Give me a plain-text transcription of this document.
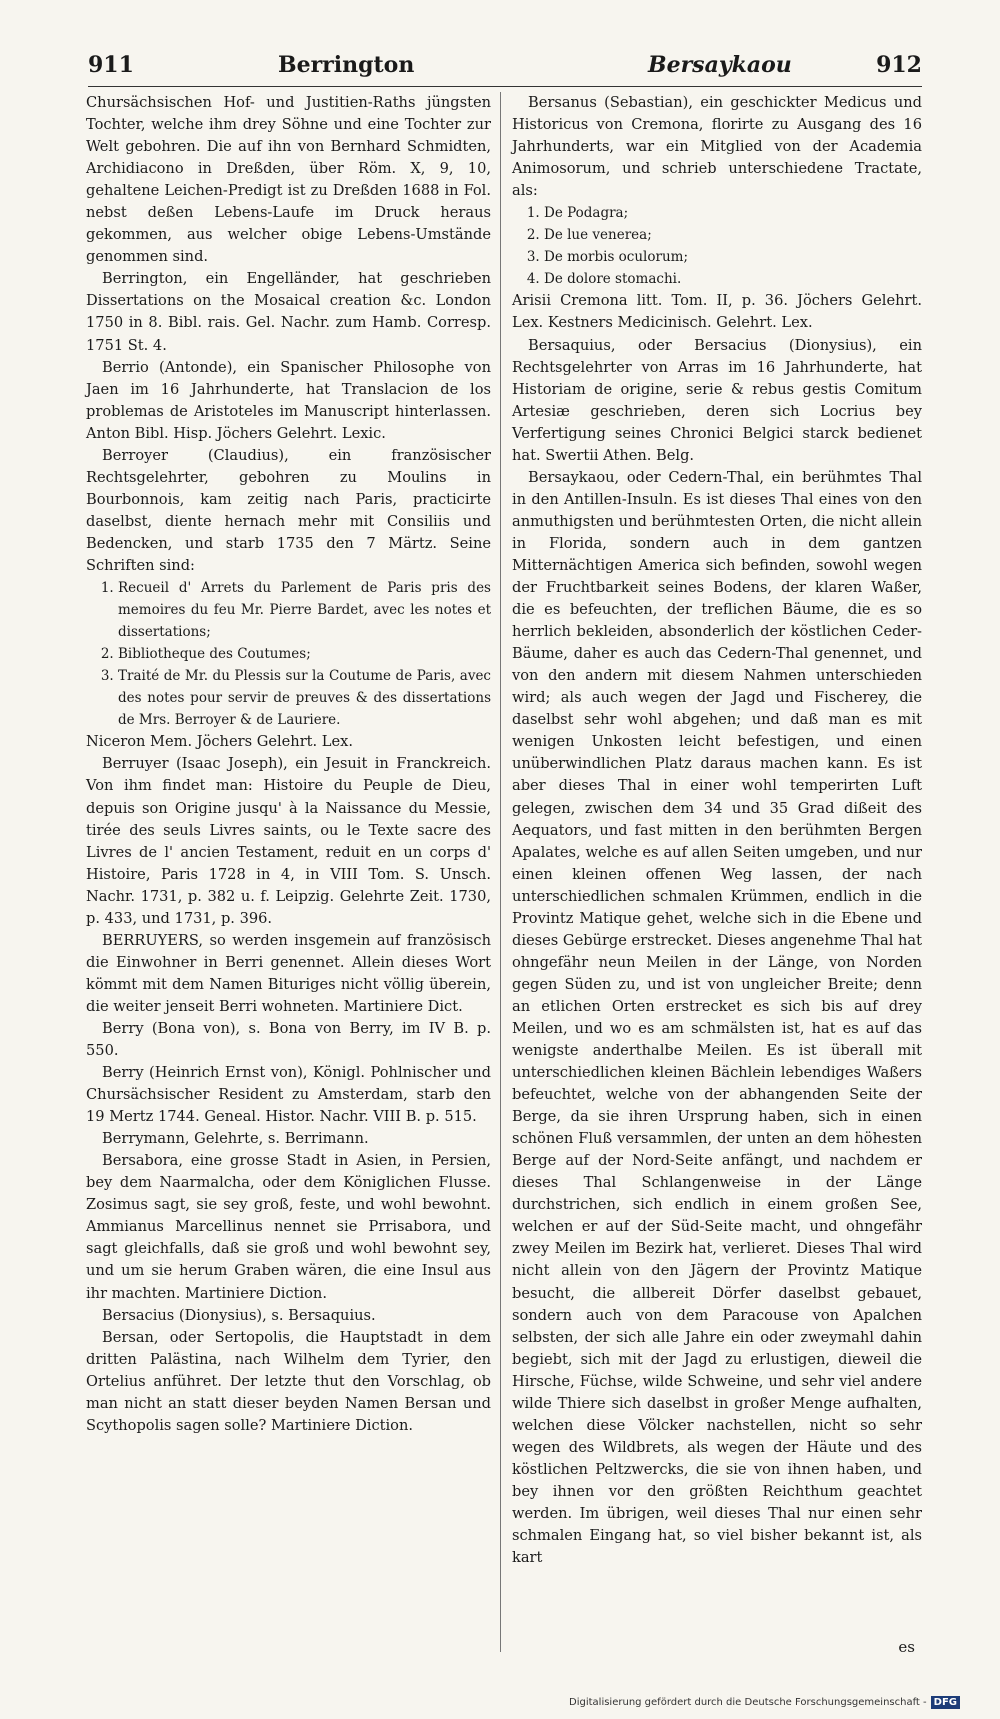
911	Berrington	Bersaykaou	912

Chursächsischen Hof- und Justitien-Raths jüngsten Tochter, welche ihm drey Söhne und eine Tochter zur Welt gebohren. Die auf ihn von Bernhard Schmidten, Archidiacono in Dreßden, über Röm. X, 9, 10, gehaltene Leichen-Predigt ist zu Dreßden 1688 in Fol. nebst deßen Lebens-Laufe im Druck heraus gekommen, aus welcher obige Lebens-Umstände genommen sind.

Berrington, ein Engelländer, hat geschrieben Dissertations on the Mosaical creation &c. London 1750 in 8. Bibl. rais. Gel. Nachr. zum Hamb. Corresp. 1751 St. 4.

Berrio (Antonde), ein Spanischer Philosophe von Jaen im 16 Jahrhunderte, hat Translacion de los problemas de Aristoteles im Manuscript hinterlassen. Anton Bibl. Hisp. Jöchers Gelehrt. Lexic.

Berroyer (Claudius), ein französischer Rechtsgelehrter, gebohren zu Moulins in Bourbonnois, kam zeitig nach Paris, practicirte daselbst, diente hernach mehr mit Consiliis und Bedencken, und starb 1735 den 7 Märtz. Seine Schriften sind:

1. Recueil d' Arrets du Parlement de Paris pris des memoires du feu Mr. Pierre Bardet, avec les notes et dissertations;
2. Bibliotheque des Coutumes;
3. Traité de Mr. du Plessis sur la Coutume de Paris, avec des notes pour servir de preuves & des dissertations de Mrs. Berroyer & de Lauriere.

Niceron Mem. Jöchers Gelehrt. Lex.

Berruyer (Isaac Joseph), ein Jesuit in Franckreich. Von ihm findet man: Histoire du Peuple de Dieu, depuis son Origine jusqu' à la Naissance du Messie, tirée des seuls Livres saints, ou le Texte sacre des Livres de l' ancien Testament, reduit en un corps d' Histoire, Paris 1728 in 4, in VIII Tom. S. Unsch. Nachr. 1731, p. 382 u. f. Leipzig. Gelehrte Zeit. 1730, p. 433, und 1731, p. 396.

BERRUYERS, so werden insgemein auf französisch die Einwohner in Berri genennet. Allein dieses Wort kömmt mit dem Namen Bituriges nicht völlig überein, die weiter jenseit Berri wohneten. Martiniere Dict.

Berry (Bona von), s. Bona von Berry, im IV B. p. 550.

Berry (Heinrich Ernst von), Königl. Pohlnischer und Chursächsischer Resident zu Amsterdam, starb den 19 Mertz 1744. Geneal. Histor. Nachr. VIII B. p. 515.

Berrymann, Gelehrte, s. Berrimann.

Bersabora, eine grosse Stadt in Asien, in Persien, bey dem Naarmalcha, oder dem Königlichen Flusse. Zosimus sagt, sie sey groß, feste, und wohl bewohnt. Ammianus Marcellinus nennet sie Prrisabora, und sagt gleichfalls, daß sie groß und wohl bewohnt sey, und um sie herum Graben wären, die eine Insul aus ihr machten. Martiniere Diction.

Bersacius (Dionysius), s. Bersaquius.

Bersan, oder Sertopolis, die Hauptstadt in dem dritten Palästina, nach Wilhelm dem Tyrier, den Ortelius anführet. Der letzte thut den Vorschlag, ob man nicht an statt dieser beyden Namen Bersan und Scythopolis sagen solle? Martiniere Diction.

Bersanus (Sebastian), ein geschickter Medicus und Historicus von Cremona, florirte zu Ausgang des 16 Jahrhunderts, war ein Mitglied von der Academia Animosorum, und schrieb unterschiedene Tractate, als:

1. De Podagra;
2. De lue venerea;
3. De morbis oculorum;
4. De dolore stomachi.

Arisii Cremona litt. Tom. II, p. 36. Jöchers Gelehrt. Lex. Kestners Medicinisch. Gelehrt. Lex.

Bersaquius, oder Bersacius (Dionysius), ein Rechtsgelehrter von Arras im 16 Jahrhunderte, hat Historiam de origine, serie & rebus gestis Comitum Artesiæ geschrieben, deren sich Locrius bey Verfertigung seines Chronici Belgici starck bedienet hat. Swertii Athen. Belg.

Bersaykaou, oder Cedern-Thal, ein berühmtes Thal in den Antillen-Insuln. Es ist dieses Thal eines von den anmuthigsten und berühmtesten Orten, die nicht allein in Florida, sondern auch in dem gantzen Mitternächtigen America sich befinden, sowohl wegen der Fruchtbarkeit seines Bodens, der klaren Waßer, die es befeuchten, der treflichen Bäume, die es so herrlich bekleiden, absonderlich der köstlichen Ceder-Bäume, daher es auch das Cedern-Thal genennet, und von den andern mit diesem Nahmen unterschieden wird; als auch wegen der Jagd und Fischerey, die daselbst sehr wohl abgehen; und daß man es mit wenigen Unkosten leicht befestigen, und einen unüberwindlichen Platz daraus machen kann. Es ist aber dieses Thal in einer wohl temperirten Luft gelegen, zwischen dem 34 und 35 Grad dißeit des Aequators, und fast mitten in den berühmten Bergen Apalates, welche es auf allen Seiten umgeben, und nur einen kleinen offenen Weg lassen, der nach unterschiedlichen schmalen Krümmen, endlich in die Provintz Matique gehet, welche sich in die Ebene und dieses Gebürge erstrecket. Dieses angenehme Thal hat ohngefähr neun Meilen in der Länge, von Norden gegen Süden zu, und ist von ungleicher Breite; denn an etlichen Orten erstrecket es sich bis auf drey Meilen, und wo es am schmälsten ist, hat es auf das wenigste anderthalbe Meilen. Es ist überall mit unterschiedlichen kleinen Bächlein lebendiges Waßers befeuchtet, welche von der abhangenden Seite der Berge, da sie ihren Ursprung haben, sich in einen schönen Fluß versammlen, der unten an dem höhesten Berge auf der Nord-Seite anfängt, und nachdem er dieses Thal Schlangenweise in der Länge durchstrichen, sich endlich in einem großen See, welchen er auf der Süd-Seite macht, und ohngefähr zwey Meilen im Bezirk hat, verlieret. Dieses Thal wird nicht allein von den Jägern der Provintz Matique besucht, die allbereit Dörfer daselbst gebauet, sondern auch von dem Paracouse von Apalchen selbsten, der sich alle Jahre ein oder zweymahl dahin begiebt, sich mit der Jagd zu erlustigen, dieweil die Hirsche, Füchse, wilde Schweine, und sehr viel andere wilde Thiere sich daselbst in großer Menge aufhalten, welchen diese Völcker nachstellen, nicht so sehr wegen des Wildbrets, als wegen der Häute und des köstlichen Peltzwercks, die sie von ihnen haben, und bey ihnen vor den größten Reichthum geachtet werden. Im übrigen, weil dieses Thal nur einen sehr schmalen Eingang hat, so viel bisher bekannt ist, als kart

es
Digitalisierung gefördert durch die Deutsche Forschungsgemeinschaft - DFG
